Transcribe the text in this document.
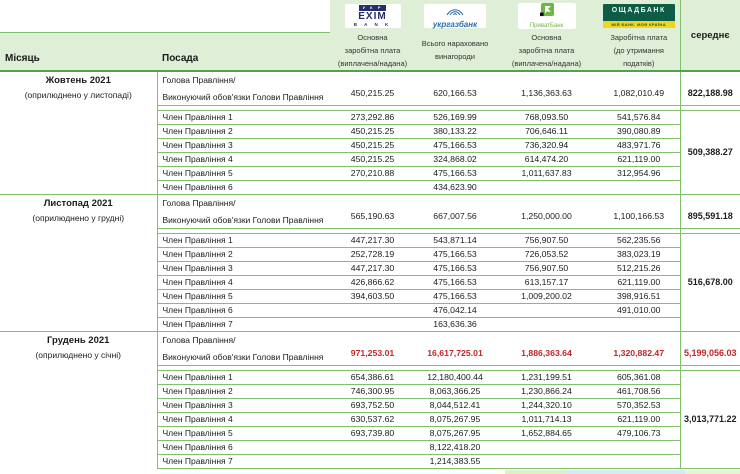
		У К Р
EXIM
B A N K	укргазбанк	ПриватБанк	ОЩАДБАНК
МІЙ БАНК. МОЯ КРАЇНА	середнє
Місяць	Посада	
Основна
заробітна плата
(виплачена/надана)

Всього нараховано
винагороди

Основна
заробітна плата
(виплачена/надана)

Заробітна плата
(до утримання
податків)

Жовтень 2021
(оприлюднено у листопаді)

Голова Правління/
Виконуючий обов'язки Голови Правління	450,215.25	620,166.53	1,136,363.63	1,082,010.49	822,188.98

	Член Правління 1	273,292.86	526,169.99	768,093.50	541,576.84	509,388.27
	Член Правління 2	450,215.25	380,133.22	706,646.11	390,080.89	
	Член Правління 3	450,215.25	475,166.53	736,320.94	483,971.76	
	Член Правління 4	450,215.25	324,868.02	614,474.20	621,119.00	
	Член Правління 5	270,210.88	475,166.53	1,011,637.83	312,954.96	
	Член Правління 6		434,623.90			

Листопад 2021
(оприлюднено у грудні)

Голова Правління/
Виконуючий обов'язки Голови Правління	565,190.63	667,007.56	1,250,000.00	1,100,166.53	895,591.18

	Член Правління 1	447,217.30	543,871.14	756,907.50	562,235.56	516,678.00
	Член Правління 2	252,728.19	475,166.53	726,053.52	383,023.19	
	Член Правління 3	447,217.30	475,166.53	756,907.50	512,215.26	
	Член Правління 4	426,866.62	475,166.53	613,157.17	621,119.00	
	Член Правління 5	394,603.50	475,166.53	1,009,200.02	398,916.51	
	Член Правління 6		476,042.14		491,010.00	
	Член Правління 7		163,636.36			

Грудень 2021
(оприлюднено у січні)

Голова Правління/
Виконуючий обов'язки Голови Правління	971,253.01	16,617,725.01	1,886,363.64	1,320,882.47	5,199,056.03

	Член Правління 1	654,386.61	12,180,400.44	1,231,199.51	605,361.08	3,013,771.22
	Член Правління 2	746,300.95	8,063,366.25	1,230,866.24	461,708.56	
	Член Правління 3	693,752.50	8,044,512.41	1,244,320.10	570,352.53	
	Член Правління 4	630,537.62	8,075,267.95	1,011,714.13	621,119.00	
	Член Правління 5	693,739.80	8,075,267.95	1,652,884.65	479,106.73	
	Член Правління 6		8,122,418.20			
	Член Правління 7		1,214,383.55			
